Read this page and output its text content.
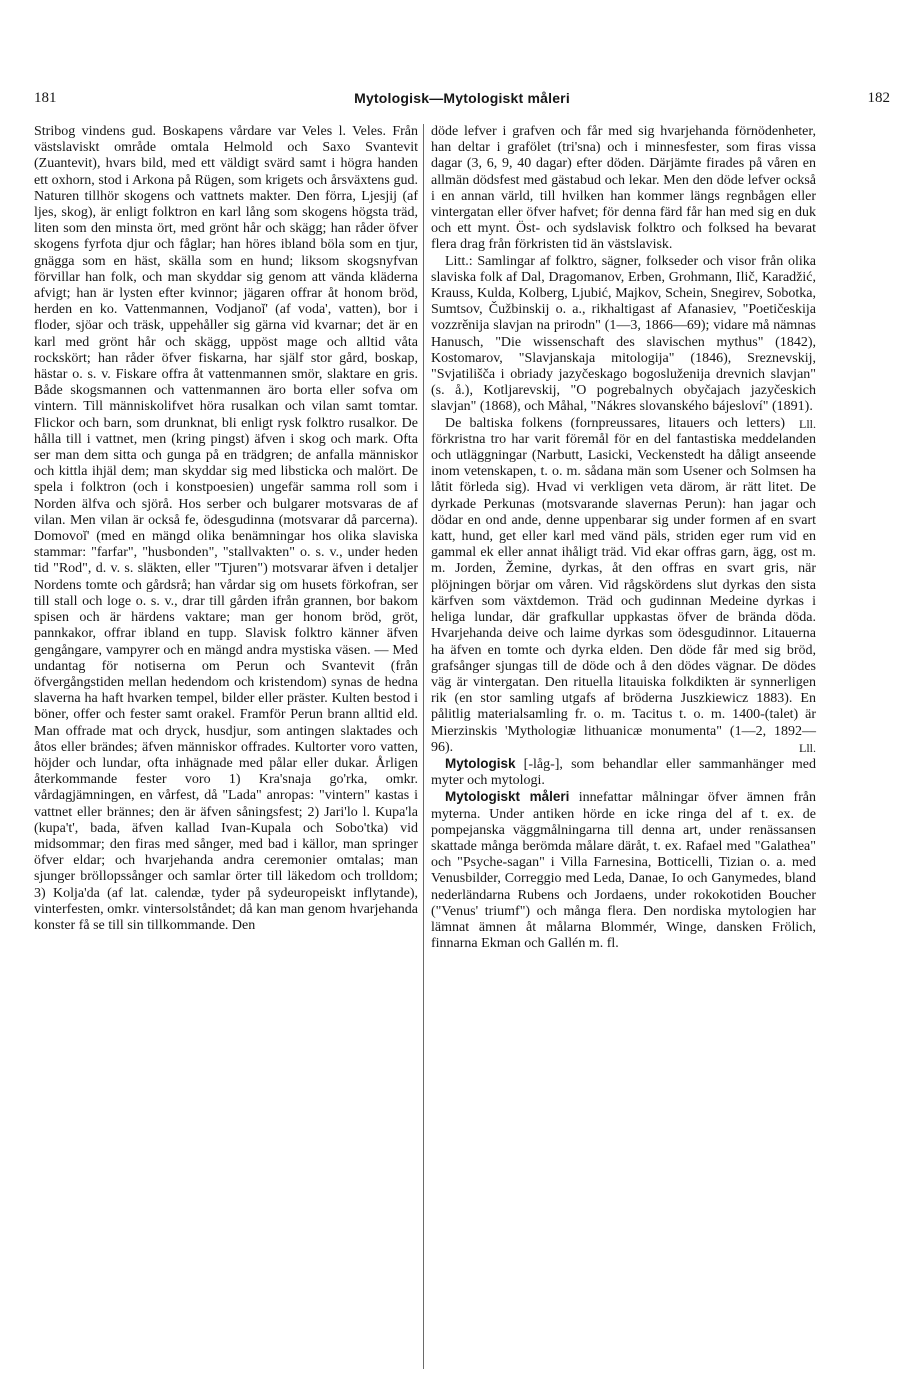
181	Mytologisk—Mytologiskt måleri	182

Stribog vindens gud. Boskapens vårdare var Veles l. Veles. Från västslaviskt område omtala Helmold och Saxo Svantevit (Zuantevit), hvars bild, med ett väldigt svärd samt i högra handen ett oxhorn, stod i Arkona på Rügen, som krigets och årsväxtens gud. Naturen tillhör skogens och vattnets makter. Den förra, Ljesjij (af ljes, skog), är enligt folktron en karl lång som skogens högsta träd, liten som den minsta ört, med grönt hår och skägg; han råder öfver skogens fyrfota djur och fåglar; han höres ibland böla som en tjur, gnägga som en häst, skälla som en hund; liksom skogsnyfvan förvillar han folk, och man skyddar sig genom att vända kläderna afvigt; han är lysten efter kvinnor; jägaren offrar åt honom bröd, herden en ko. Vattenmannen, Vodjanoĭ' (af voda', vatten), bor i floder, sjöar och träsk, uppehåller sig gärna vid kvarnar; det är en karl med grönt hår och skägg, uppöst mage och alltid våta rockskört; han råder öfver fiskarna, har själf stor gård, boskap, hästar o. s. v. Fiskare offra åt vattenmannen smör, slaktare en gris. Både skogsmannen och vattenmannen äro borta eller sofva om vintern. Till människolifvet höra rusalkan och vilan samt tomtar. Flickor och barn, som drunknat, bli enligt rysk folktro rusalkor. De hålla till i vattnet, men (kring pingst) äfven i skog och mark. Ofta ser man dem sitta och gunga på en trädgren; de anfalla människor och kittla ihjäl dem; man skyddar sig med libsticka och malört. De spela i folktron (och i konstpoesien) ungefär samma roll som i Norden älfva och sjörå. Hos serber och bulgarer motsvaras de af vilan. Men vilan är också fe, ödesgudinna (motsvarar då parcerna). Domovoĭ' (med en mängd olika benämningar hos olika slaviska stammar: "farfar", "husbonden", "stallvakten" o. s. v., under heden tid "Rod", d. v. s. släkten, eller "Tjuren") motsvarar äfven i detaljer Nordens tomte och gårdsrå; han vårdar sig om husets förkofran, ser till stall och loge o. s. v., drar till gården ifrån grannen, bor bakom spisen och är härdens vaktare; man ger honom bröd, gröt, pannkakor, offrar ibland en tupp. Slavisk folktro känner äfven gengångare, vampyrer och en mängd andra mystiska väsen. — Med undantag för notiserna om Perun och Svantevit (från öfvergångstiden mellan hedendom och kristendom) synas de hedna slaverna ha haft hvarken tempel, bilder eller präster. Kulten bestod i böner, offer och fester samt orakel. Framför Perun brann alltid eld. Man offrade mat och dryck, husdjur, som antingen slaktades och åtos eller brändes; äfven människor offrades. Kultorter voro vatten, höjder och lundar, ofta inhägnade med pålar eller dukar. Årligen återkommande fester voro 1) Kra'snaja go'rka, omkr. vårdagjämningen, en vårfest, då "Lada" anropas: "vintern" kastas i vattnet eller brännes; den är äfven såningsfest; 2) Jari'lo l. Kupa'la (kupa't', bada, äfven kallad Ivan-Kupala och Sobo'tka) vid midsommar; den firas med sånger, med bad i källor, man springer öfver eldar; och hvarjehanda andra ceremonier omtalas; man sjunger bröllopssånger och samlar örter till läkedom och trolldom; 3) Kolja'da (af lat. calendæ, tyder på sydeuropeiskt inflytande), vinterfesten, omkr. vintersolståndet; då kan man genom hvarjehanda konster få se till sin tillkommande. Den

döde lefver i grafven och får med sig hvarjehanda förnödenheter, han deltar i grafölet (tri'sna) och i minnesfester, som firas vissa dagar (3, 6, 9, 40 dagar) efter döden. Därjämte firades på våren en allmän dödsfest med gästabud och lekar. Men den döde lefver också i en annan värld, till hvilken han kommer längs regnbågen eller vintergatan eller öfver hafvet; för denna färd får han med sig en duk och ett mynt. Öst- och sydslavisk folktro och folksed ha bevarat flera drag från förkristen tid än västslavisk.

Litt.: Samlingar af folktro, sägner, folkseder och visor från olika slaviska folk af Dal, Dragomanov, Erben, Grohmann, Ilič, Karadžić, Krauss, Kulda, Kolberg, Ljubić, Majkov, Schein, Snegirev, Sobotka, Sumtsov, Čužbinskij o. a., rikhaltigast af Afanasiev, "Poetičeskija vozzrěnija slavjan na prirodn" (1—3, 1866—69); vidare må nämnas Hanusch, "Die wissenschaft des slavischen mythus" (1842), Kostomarov, "Slavjanskaja mitologija" (1846), Sreznevskij, "Svjatilišča i obriady jazyčeskago bogosluženija drevnich slavjan" (s. å.), Kotljarevskij, "O pogrebalnych obyčajach jazyčeskich slavjan" (1868), och Måhal, "Nákres slovanského bájesloví" (1891).
Lll.

De baltiska folkens (fornpreussares, litauers och letters) förkristna tro har varit föremål för en del fantastiska meddelanden och utläggningar (Narbutt, Lasicki, Veckenstedt ha dåligt anseende inom vetenskapen, t. o. m. sådana män som Usener och Solmsen ha låtit förleda sig). Hvad vi verkligen veta därom, är rätt litet. De dyrkade Perkunas (motsvarande slavernas Perun): han jagar och dödar en ond ande, denne uppenbarar sig under formen af en svart katt, hund, get eller karl med vänd päls, striden eger rum vid en gammal ek eller annat ihåligt träd. Vid ekar offras garn, ägg, ost m. m. Jorden, Žemine, dyrkas, åt den offras en svart gris, när plöjningen börjar om våren. Vid rågskördens slut dyrkas den sista kärfven som växtdemon. Träd och gudinnan Medeine dyrkas i heliga lundar, där grafkullar uppkastas öfver de brända döda. Hvarjehanda deive och laime dyrkas som ödesgudinnor. Litauerna ha äfven en tomte och dyrka elden. Den döde får med sig bröd, grafsånger sjungas till de döde och å den dödes vägnar. De dödes väg är vintergatan. Den rituella litauiska folkdikten är synnerligen rik (en stor samling utgafs af bröderna Juszkiewicz 1883). En pålitlig materialsamling fr. o. m. Tacitus t. o. m. 1400-(talet) är Mierzinskis 'Mythologiæ lithuanicæ monumenta" (1—2, 1892—96).	Lll.

Mytologisk [-låg-], som behandlar eller sammanhänger med myter och mytologi.

Mytologiskt måleri innefattar målningar öfver ämnen från myterna. Under antiken hörde en icke ringa del af t. ex. de pompejanska väggmålningarna till denna art, under renässansen skattade många berömda målare däråt, t. ex. Rafael med "Galathea" och "Psyche-sagan" i Villa Farnesina, Botticelli, Tizian o. a. med Venusbilder, Correggio med Leda, Danae, Io och Ganymedes, bland nederländarna Rubens och Jordaens, under rokokotiden Boucher ("Venus' triumf") och många flera. Den nordiska mytologien har lämnat ämnen åt målarna Blommér, Winge, dansken Frölich, finnarna Ekman och Gallén m. fl.
